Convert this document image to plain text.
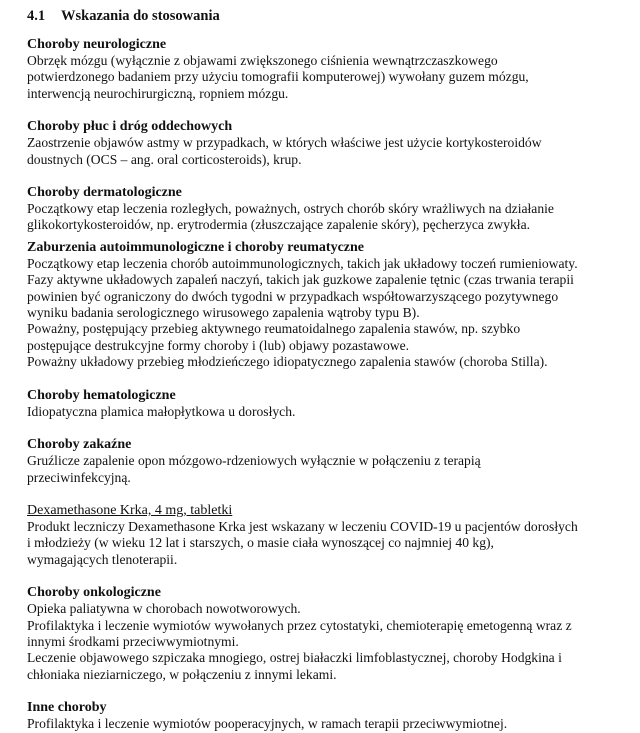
4.1	Wskazania do stosowania
Choroby neurologiczne
Obrzęk mózgu (wyłącznie z objawami zwiększonego ciśnienia wewnątrzczaszkowego
potwierdzonego badaniem przy użyciu tomografii komputerowej) wywołany guzem mózgu,
interwencją neurochirurgiczną, ropniem mózgu.
Choroby płuc i dróg oddechowych
Zaostrzenie objawów astmy w przypadkach, w których właściwe jest użycie kortykosteroidów
doustnych (OCS – ang. oral corticosteroids), krup.
Choroby dermatologiczne
Początkowy etap leczenia rozległych, poważnych, ostrych chorób skóry wrażliwych na działanie
glikokortykosteroidów, np. erytrodermia (złuszczające zapalenie skóry), pęcherzyca zwykła.
Zaburzenia autoimmunologiczne i choroby reumatyczne
Początkowy etap leczenia chorób autoimmunologicznych, takich jak układowy toczeń rumieniowaty.
Fazy aktywne układowych zapaleń naczyń, takich jak guzkowe zapalenie tętnic (czas trwania terapii
powinien być ograniczony do dwóch tygodni w przypadkach współtowarzyszącego pozytywnego
wyniku badania serologicznego wirusowego zapalenia wątroby typu B).
Poważny, postępujący przebieg aktywnego reumatoidalnego zapalenia stawów, np. szybko
postępujące destrukcyjne formy choroby i (lub) objawy pozastawowe.
Poważny układowy przebieg młodzieńczego idiopatycznego zapalenia stawów (choroba Stilla).
Choroby hematologiczne
Idiopatyczna plamica małopłytkowa u dorosłych.
Choroby zakaźne
Gruźlicze zapalenie opon mózgowo-rdzeniowych wyłącznie w połączeniu z terapią
przeciwinfekcyjną.
Dexamethasone Krka, 4 mg, tabletki
Produkt leczniczy Dexamethasone Krka jest wskazany w leczeniu COVID-19 u pacjentów dorosłych
i młodzieży (w wieku 12 lat i starszych, o masie ciała wynoszącej co najmniej 40 kg),
wymagających tlenoterapii.
Choroby onkologiczne
Opieka paliatywna w chorobach nowotworowych.
Profilaktyka i leczenie wymiotów wywołanych przez cytostatyki, chemioterapię emetogenną wraz z
innymi środkami przeciwwymiotnymi.
Leczenie objawowego szpiczaka mnogiego, ostrej białaczki limfoblastycznej, choroby Hodgkina i
chłoniaka nieziarniczego, w połączeniu z innymi lekami.
Inne choroby
Profilaktyka i leczenie wymiotów pooperacyjnych, w ramach terapii przeciwwymiotnej.
